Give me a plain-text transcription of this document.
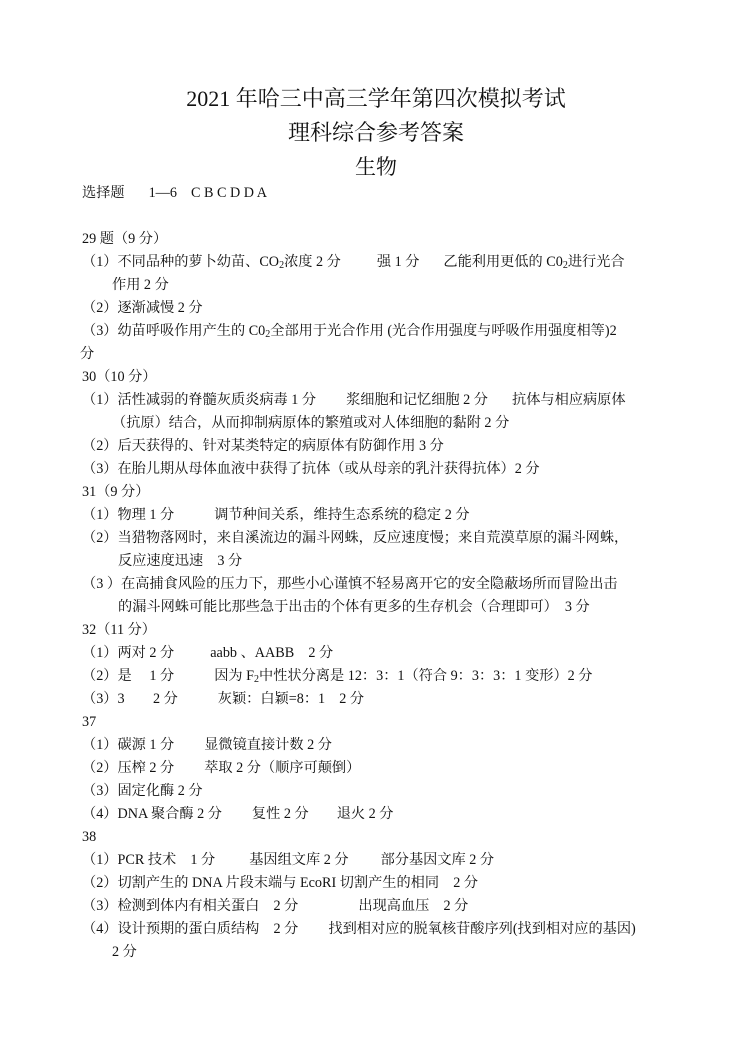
2021 年哈三中高三学年第四次模拟考试
理科综合参考答案
生物
选择题 1—6 C B C D D A
29 题（9 分）
（1）不同品种的萝卜幼苗、$CO_2$浓度 2 分	强 1 分 乙能利用更低的 $C0_2$进行光合
作用 2 分
（2）逐渐减慢 2 分
（3）幼苗呼吸作用产生的 $C0_2$全部用于光合作用 (光合作用强度与呼吸作用强度相等)2
分
30（10 分）
（1）活性减弱的脊髓灰质炎病毒 1 分 浆细胞和记忆细胞 2 分 抗体与相应病原体
（抗原）结合，从而抑制病原体的繁殖或对人体细胞的黏附 2 分
（2）后天获得的、针对某类特定的病原体有防御作用 3 分
（3）在胎儿期从母体血液中获得了抗体（或从母亲的乳汁获得抗体）2 分
31（9 分）
（1）物理 1 分	调节种间关系，维持生态系统的稳定 2 分
（2）当猎物落网时，来自溪流边的漏斗网蛛，反应速度慢；来自荒漠草原的漏斗网蛛，
反应速度迅速　3 分
（3 ）在高捕食风险的压力下，那些小心谨慎不轻易离开它的安全隐蔽场所而冒险出击
的漏斗网蛛可能比那些急于出击的个体有更多的生存机会（合理即可）　3 分
32（11 分）
（1）两对 2 分	aabb 、AABB　2 分
（2）是　 1 分	因为 $F_2$中性状分离是 12：3：1（符合 9：3：3：1 变形）2 分
（3）3　　2 分	灰颖：白颖=8：1　2 分
37
（1）碳源 1 分 显微镜直接计数 2 分
（2）压榨 2 分 萃取 2 分（顺序可颠倒）
（3）固定化酶 2 分
（4）DNA 聚合酶 2 分 复性 2 分 退火 2 分
38
（1）PCR 技术　1 分 基因组文库 2 分 部分基因文库 2 分
（2）切割产生的 DNA 片段末端与 EcoRI 切割产生的相同　2 分
（3）检测到体内有相关蛋白　2 分	出现高血压　2 分
（4）设计预期的蛋白质结构　2 分 找到相对应的脱氧核苷酸序列(找到相对应的基因)
2 分
